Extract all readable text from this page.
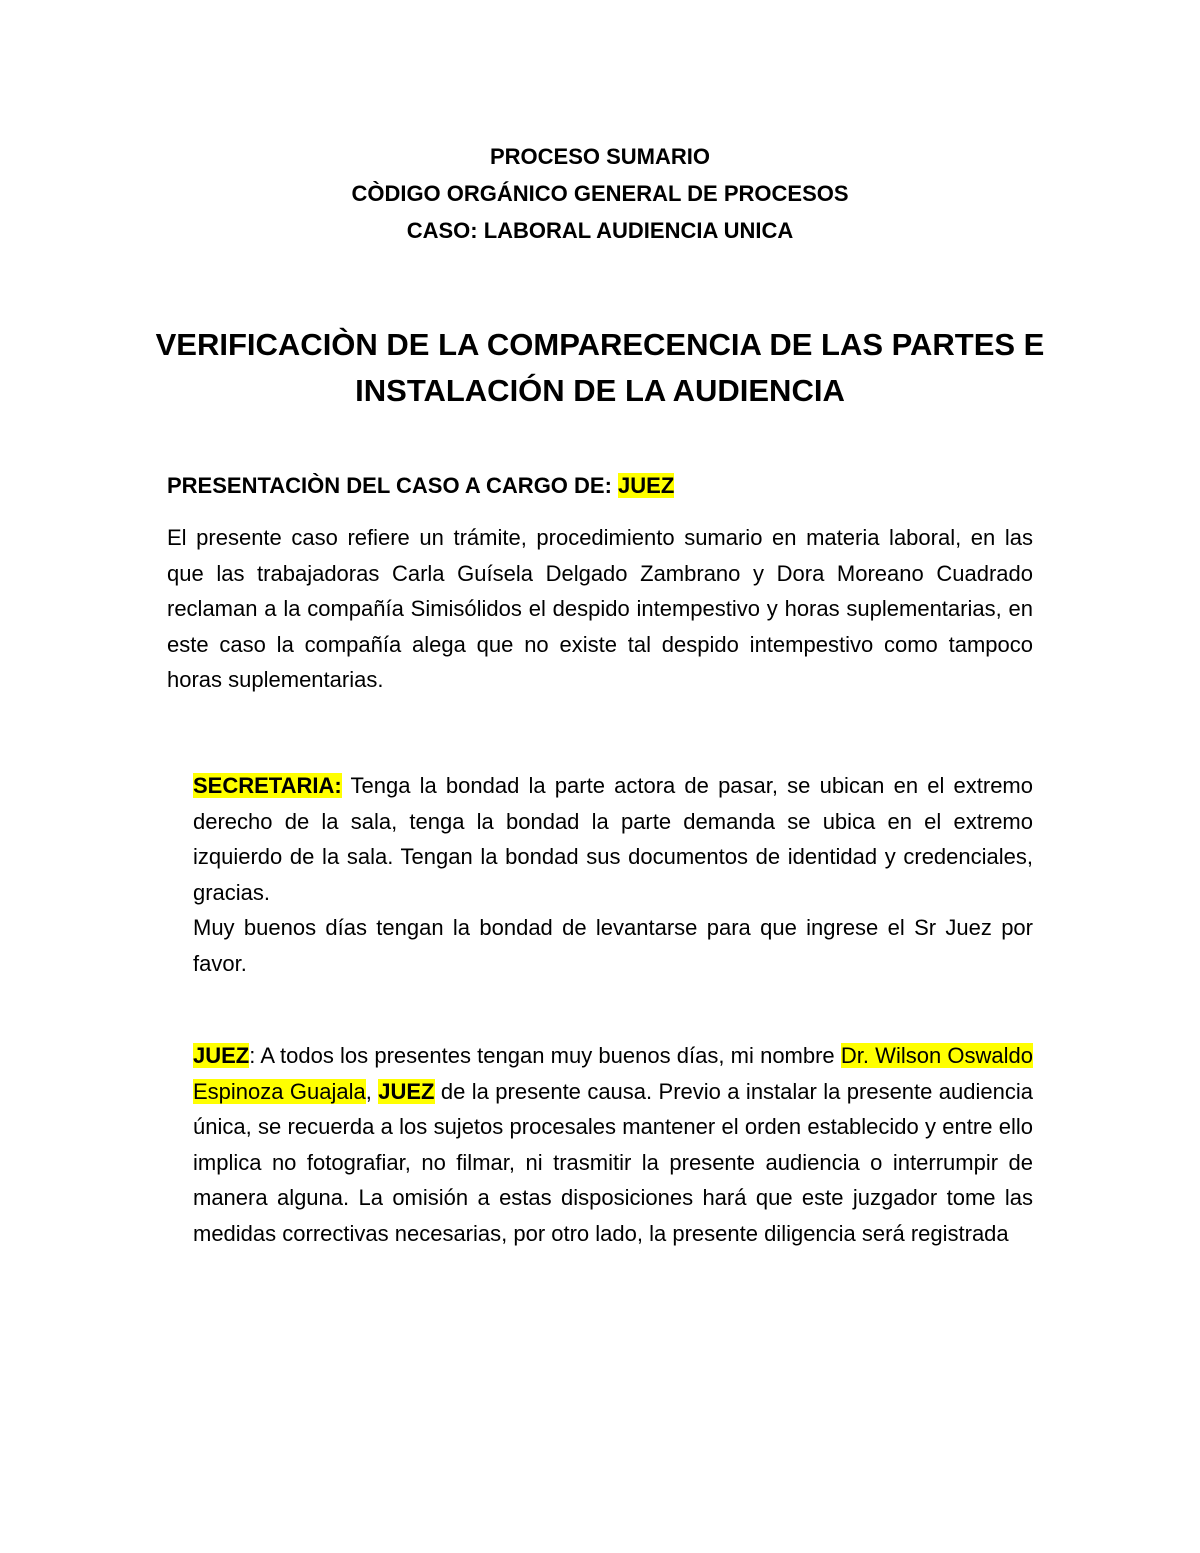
PROCESO SUMARIO
CÒDIGO ORGÁNICO GENERAL DE PROCESOS
CASO: LABORAL AUDIENCIA UNICA
VERIFICACIÒN DE LA COMPARECENCIA DE LAS PARTES E
INSTALACIÓN DE LA AUDIENCIA
PRESENTACIÒN DEL CASO A CARGO DE: JUEZ
El presente caso refiere un trámite, procedimiento sumario en materia laboral, en las que las trabajadoras Carla Guísela Delgado Zambrano y Dora Moreano Cuadrado reclaman a la compañía Simisólidos el despido intempestivo y horas suplementarias, en este caso la compañía alega que no existe tal despido intempestivo como tampoco horas suplementarias.
SECRETARIA: Tenga la bondad la parte actora de pasar, se ubican en el extremo derecho de la sala, tenga la bondad la parte demanda se ubica en el extremo izquierdo de la sala. Tengan la bondad sus documentos de identidad y credenciales, gracias.
Muy buenos días tengan la bondad de levantarse para que ingrese el Sr Juez por favor.
JUEZ: A todos los presentes tengan muy buenos días, mi nombre Dr. Wilson Oswaldo Espinoza Guajala, JUEZ de la presente causa. Previo a instalar la presente audiencia única, se recuerda a los sujetos procesales mantener el orden establecido y entre ello implica no fotografiar, no filmar, ni trasmitir la presente audiencia o interrumpir de manera alguna. La omisión a estas disposiciones hará que este juzgador tome las medidas correctivas necesarias, por otro lado, la presente diligencia será registrada
